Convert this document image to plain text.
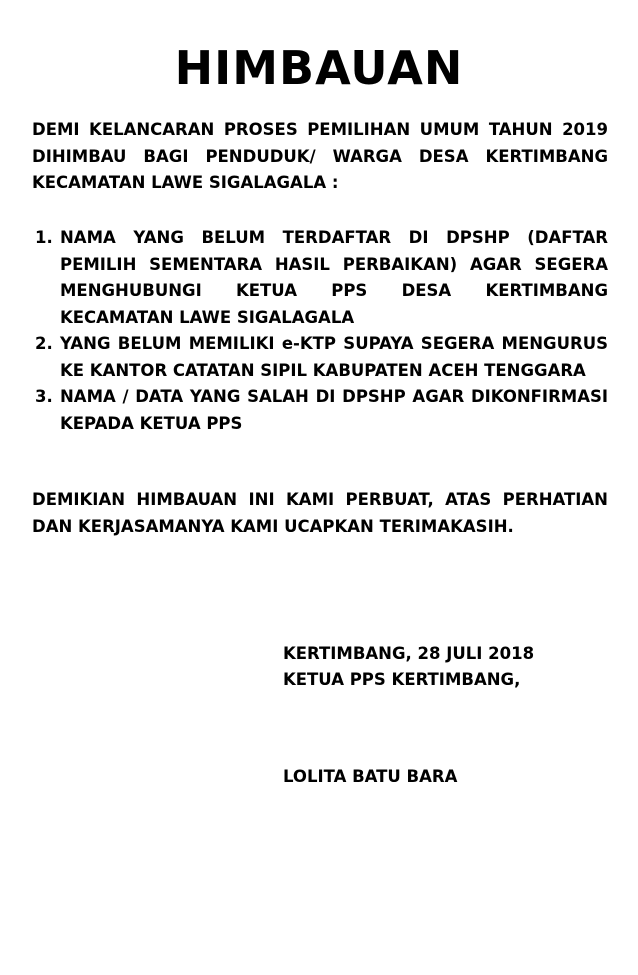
HIMBAUAN
DEMI KELANCARAN PROSES PEMILIHAN UMUM TAHUN 2019 DIHIMBAU BAGI PENDUDUK/ WARGA DESA KERTIMBANG KECAMATAN LAWE SIGALAGALA :
1. NAMA YANG BELUM TERDAFTAR DI DPSHP (DAFTAR PEMILIH SEMENTARA HASIL PERBAIKAN) AGAR SEGERA MENGHUBUNGI KETUA PPS DESA KERTIMBANG KECAMATAN LAWE SIGALAGALA
2. YANG BELUM MEMILIKI e-KTP SUPAYA SEGERA MENGURUS KE KANTOR CATATAN SIPIL KABUPATEN ACEH TENGGARA
3. NAMA / DATA YANG SALAH DI DPSHP AGAR DIKONFIRMASI KEPADA KETUA PPS
DEMIKIAN HIMBAUAN INI KAMI PERBUAT, ATAS PERHATIAN DAN KERJASAMANYA KAMI UCAPKAN TERIMAKASIH.
KERTIMBANG, 28 JULI 2018
KETUA PPS KERTIMBANG,
LOLITA BATU BARA
